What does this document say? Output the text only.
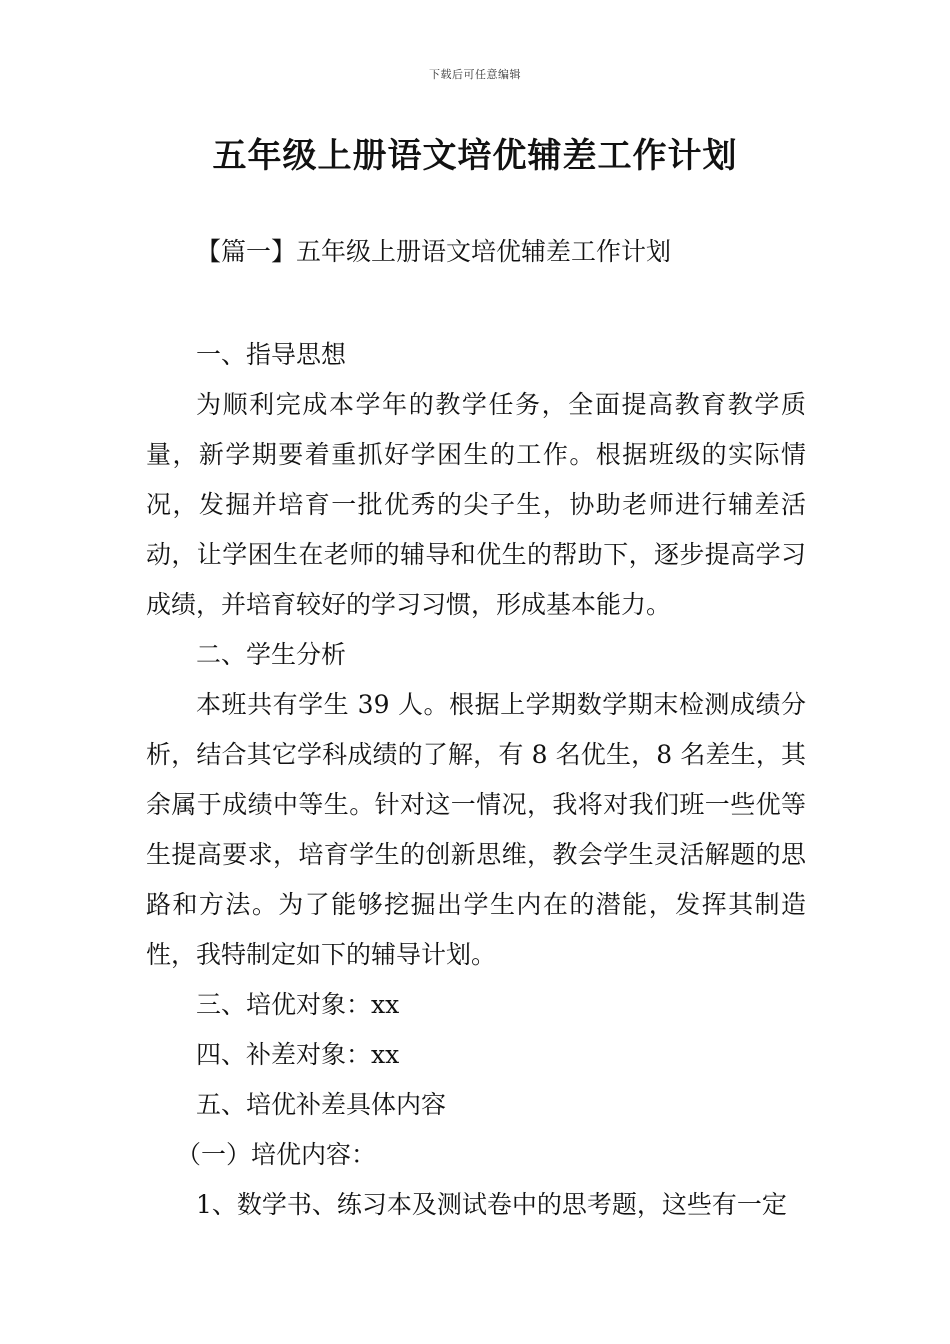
下载后可任意编辑
五年级上册语文培优辅差工作计划
【篇一】五年级上册语文培优辅差工作计划

一、指导思想

为顺利完成本学年的教学任务，全面提高教育教学质量，新学期要着重抓好学困生的工作。根据班级的实际情况，发掘并培育一批优秀的尖子生，协助老师进行辅差活动，让学困生在老师的辅导和优生的帮助下，逐步提高学习成绩，并培育较好的学习习惯，形成基本能力。

二、学生分析

本班共有学生 39 人。根据上学期数学期末检测成绩分析，结合其它学科成绩的了解，有 8 名优生，8 名差生，其余属于成绩中等生。针对这一情况，我将对我们班一些优等生提高要求，培育学生的创新思维，教会学生灵活解题的思路和方法。为了能够挖掘出学生内在的潜能，发挥其制造性，我特制定如下的辅导计划。

三、培优对象：xx

四、补差对象：xx

五、培优补差具体内容

（一）培优内容：

1、数学书、练习本及测试卷中的思考题，这些有一定
